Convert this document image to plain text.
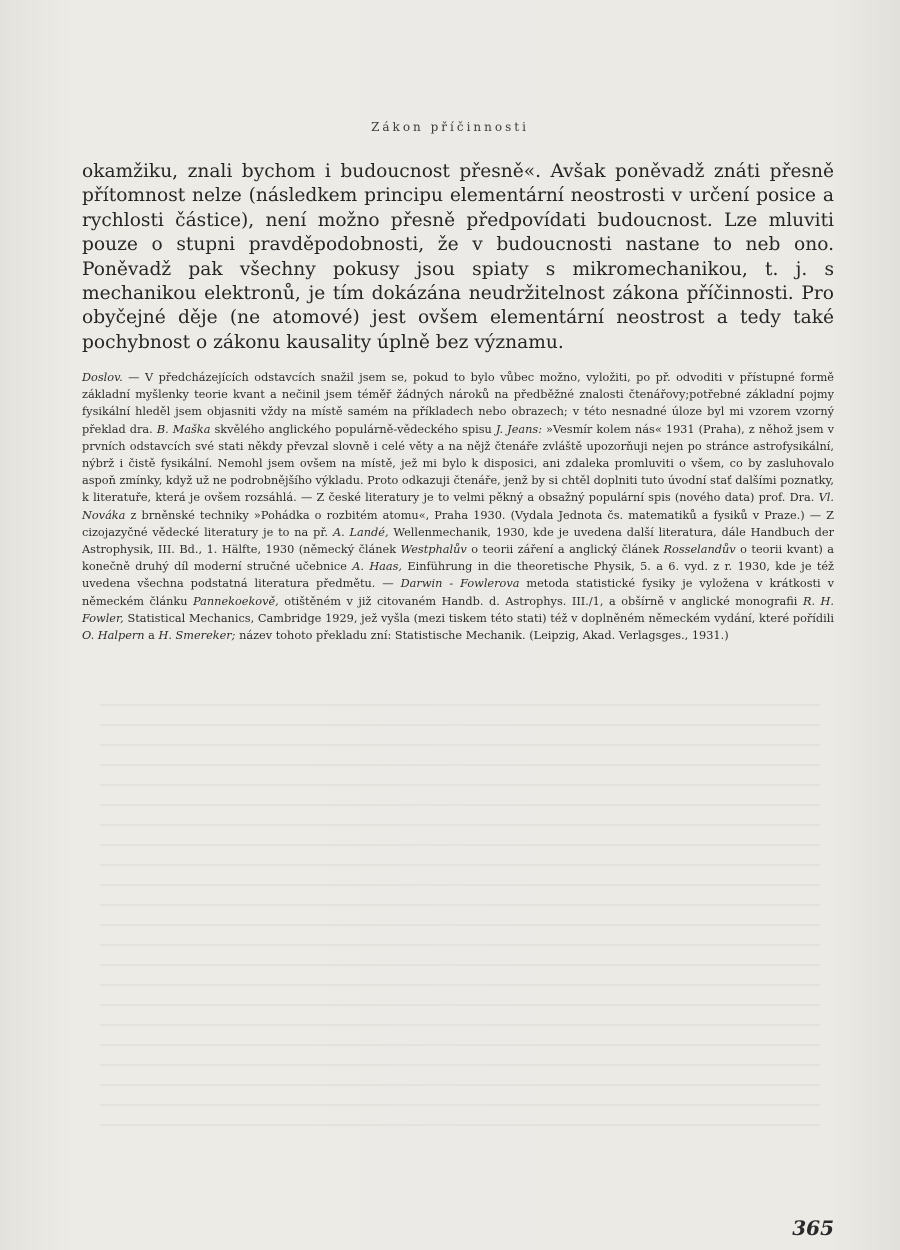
Zákon příčinnosti
okamžiku, znali bychom i budoucnost přesně«. Avšak poněvadž znáti přesně přítomnost nelze (následkem principu elementární neostrosti v určení posice a rychlosti částice), není možno přesně předpovídati budoucnost. Lze mluviti pouze o stupni pravděpodobnosti, že v budoucnosti nastane to neb ono. Poněvadž pak všechny pokusy jsou spiaty s mikromechanikou, t. j. s mechanikou elektronů, je tím dokázána neudržitelnost zákona příčinnosti. Pro obyčejné děje (ne atomové) jest ovšem elementární neostrost a tedy také pochybnost o zákonu kausality úplně bez významu.
Doslov. — V předcházejících odstavcích snažil jsem se, pokud to bylo vůbec možno, vyložiti, po př. odvoditi v přístupné formě základní myšlenky teorie kvant a nečinil jsem téměř žádných nároků na předběžné znalosti čtenářovy;potřebné základní pojmy fysikální hleděl jsem objasniti vždy na místě samém na příkladech nebo obrazech; v této nesnadné úloze byl mi vzorem vzorný překlad dra. B. Maška skvělého anglického populárně-vědeckého spisu J. Jeans: »Vesmír kolem nás« 1931 (Praha), z něhož jsem v prvních odstavcích své stati někdy převzal slovně i celé věty a na nějž čtenáře zvláště upozorňuji nejen po stránce astrofysikální, nýbrž i čistě fysikální. Nemohl jsem ovšem na místě, jež mi bylo k disposici, ani zdaleka promluviti o všem, co by zasluhovalo aspoň zmínky, když už ne podrobnějšího výkladu. Proto odkazuji čtenáře, jenž by si chtěl doplniti tuto úvodní stať dalšími poznatky, k literatuře, která je ovšem rozsáhlá. — Z české literatury je to velmi pěkný a obsažný populární spis (nového data) prof. Dra. Vl. Nováka z brněnské techniky »Pohádka o rozbitém atomu«, Praha 1930. (Vydala Jednota čs. matematiků a fysiků v Praze.) — Z cizojazyčné vědecké literatury je to na př. A. Landé, Wellenmechanik, 1930, kde je uvedena další literatura, dále Handbuch der Astrophysik, III. Bd., 1. Hälfte, 1930 (německý článek Westphalův o teorii záření a anglický článek Rosselandův o teorii kvant) a konečně druhý díl moderní stručné učebnice A. Haas, Einführung in die theoretische Physik, 5. a 6. vyd. z r. 1930, kde je též uvedena všechna podstatná literatura předmětu. — Darwin - Fowlerova metoda statistické fysiky je vyložena v krátkosti v německém článku Pannekoekově, otištěném v již citovaném Handb. d. Astrophys. III./1, a obšírně v anglické monografii R. H. Fowler, Statistical Mechanics, Cambridge 1929, jež vyšla (mezi tiskem této stati) též v doplněném německém vydání, které pořídili O. Halpern a H. Smereker; název tohoto překladu zní: Statistische Mechanik. (Leipzig, Akad. Verlagsges., 1931.)
365
